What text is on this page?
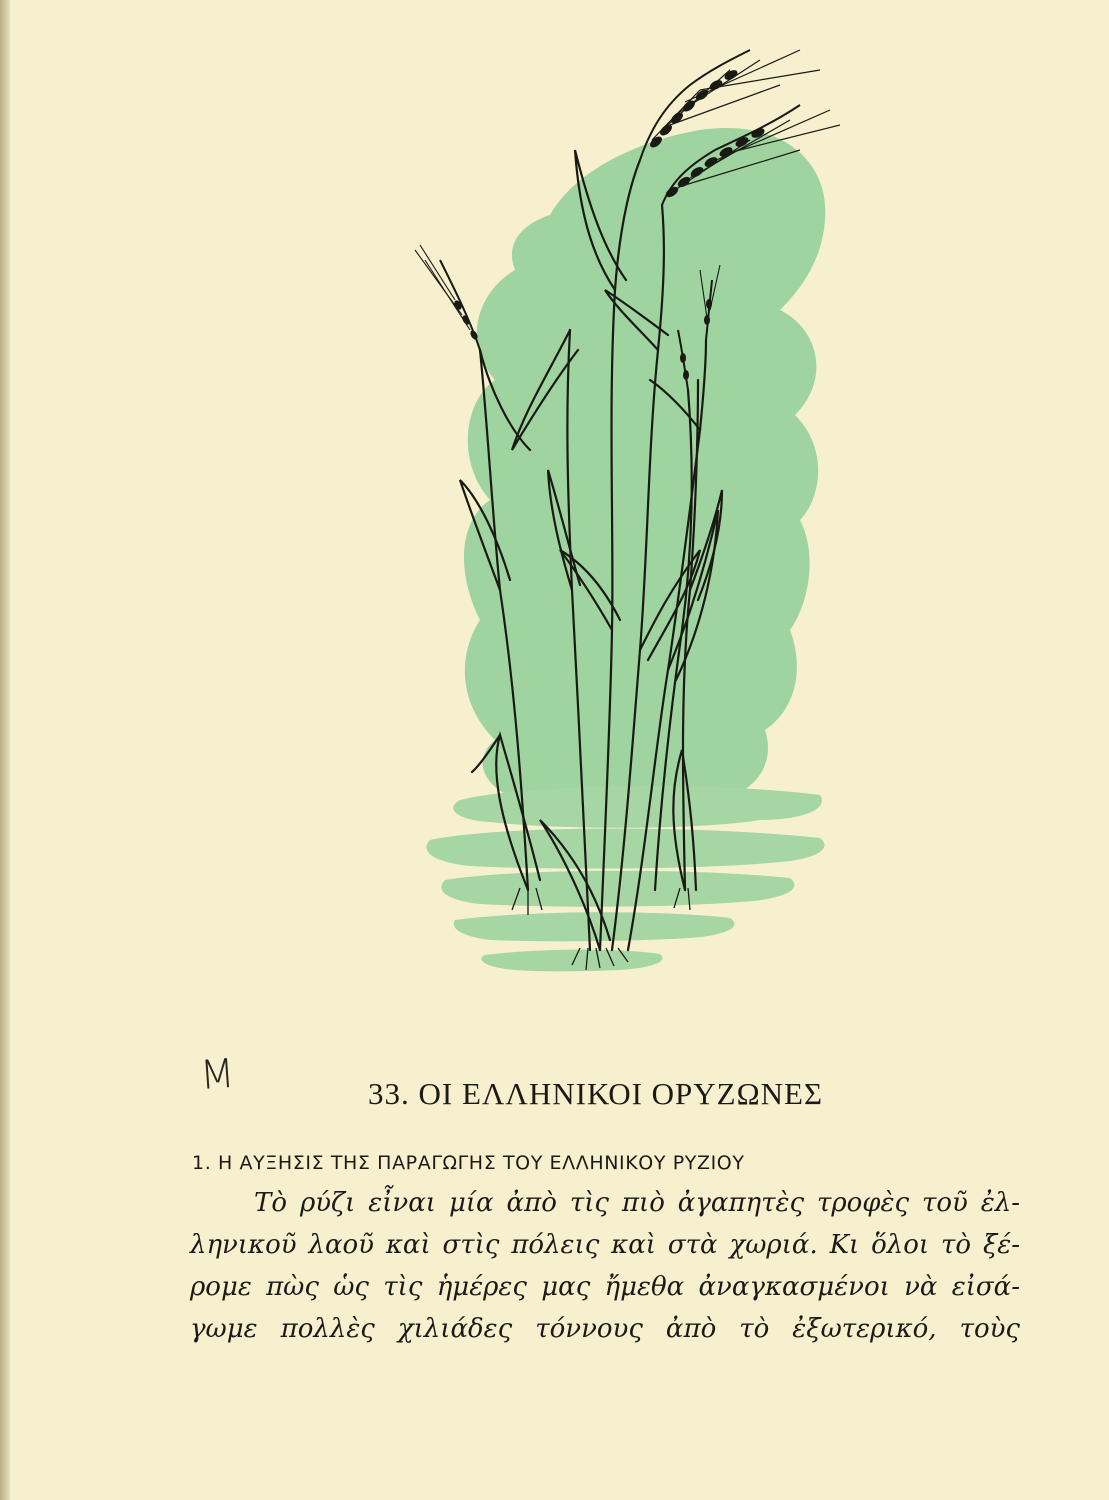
M	33. ΟΙ ΕΛΛΗΝΙΚΟΙ ΟΡΥΖΩΝΕΣ
1. Η ΑΥΞΗΣΙΣ ΤΗΣ ΠΑΡΑΓΩΓΗΣ ΤΟΥ ΕΛΛΗΝΙΚΟΥ ΡΥΖΙΟΥ
Τὸ ρύζι εἶναι μία ἀπὸ τὶς πιὸ ἀγαπητὲς τροφὲς τοῦ ἐλ-
ληνικοῦ λαοῦ καὶ στὶς πόλεις καὶ στὰ χωριά. Κι ὅλοι τὸ ξέ-
ρομε πὼς ὡς τὶς ἡμέρες μας ἤμεθα ἀναγκασμένοι νὰ εἰσά-
γωμε πολλὲς χιλιάδες τόννους ἀπὸ τὸ ἐξωτερικό, τοὺς
